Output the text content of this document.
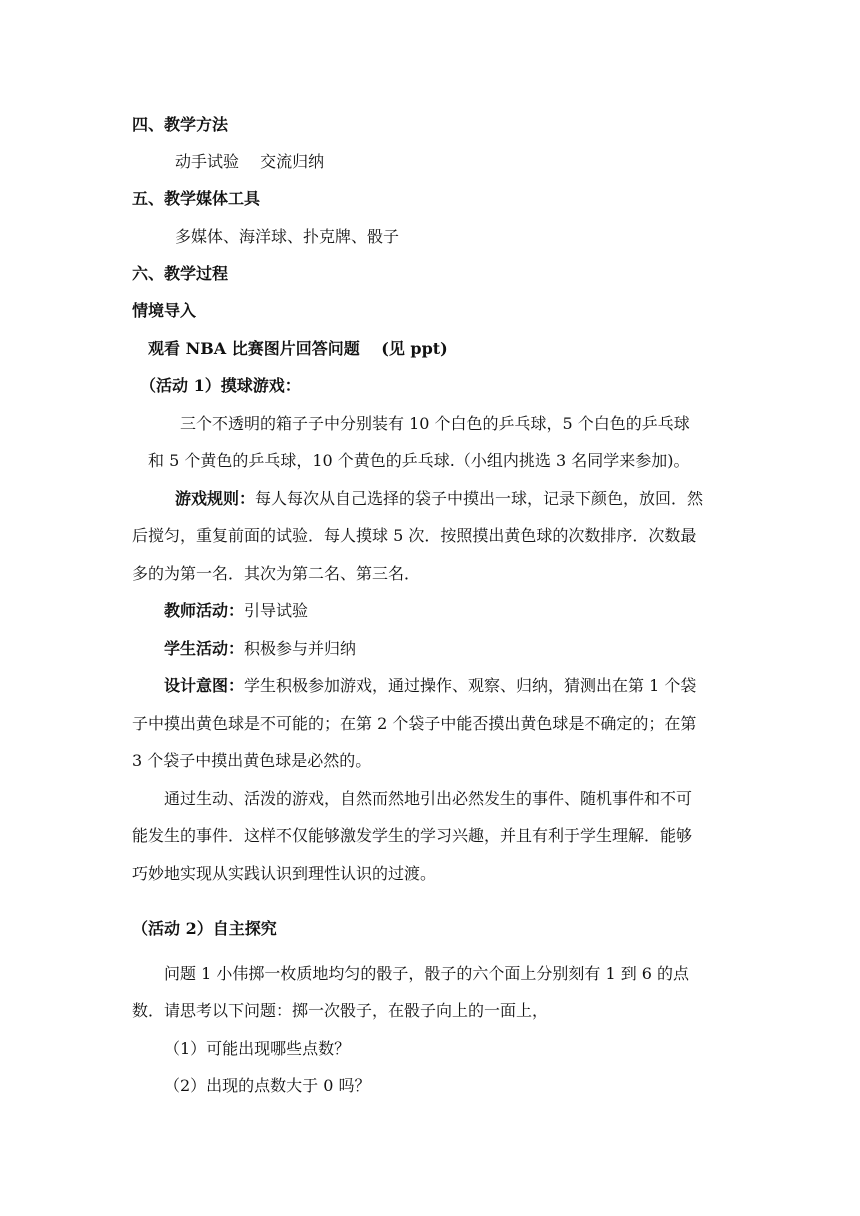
四、教学方法
动手试验 　交流归纳
五、教学媒体工具
多媒体、海洋球、扑克牌、骰子
六、教学过程
情境导入
观看 NBA 比赛图片回答问题 　(见 ppt)
（活动 1）摸球游戏：
三个不透明的箱子子中分别装有 10 个白色的乒乓球，5 个白色的乒乓球
和 5 个黄色的乒乓球，10 个黄色的乒乓球.（小组内挑选 3 名同学来参加)。
游戏规则：每人每次从自己选择的袋子中摸出一球，记录下颜色，放回．然
后搅匀，重复前面的试验．每人摸球 5 次．按照摸出黄色球的次数排序．次数最
多的为第一名．其次为第二名、第三名．
教师活动：引导试验
学生活动：积极参与并归纳
设计意图：学生积极参加游戏，通过操作、观察、归纳，猜测出在第 1 个袋
子中摸出黄色球是不可能的；在第 2 个袋子中能否摸出黄色球是不确定的；在第
3 个袋子中摸出黄色球是必然的。
通过生动、活泼的游戏，自然而然地引出必然发生的事件、随机事件和不可
能发生的事件．这样不仅能够激发学生的学习兴趣，并且有利于学生理解．能够
巧妙地实现从实践认识到理性认识的过渡。
（活动 2）自主探究
问题 1 小伟掷一枚质地均匀的骰子，骰子的六个面上分别刻有 1 到 6 的点
数．请思考以下问题：掷一次骰子，在骰子向上的一面上，
（1）可能出现哪些点数？
（2）出现的点数大于 0 吗？
